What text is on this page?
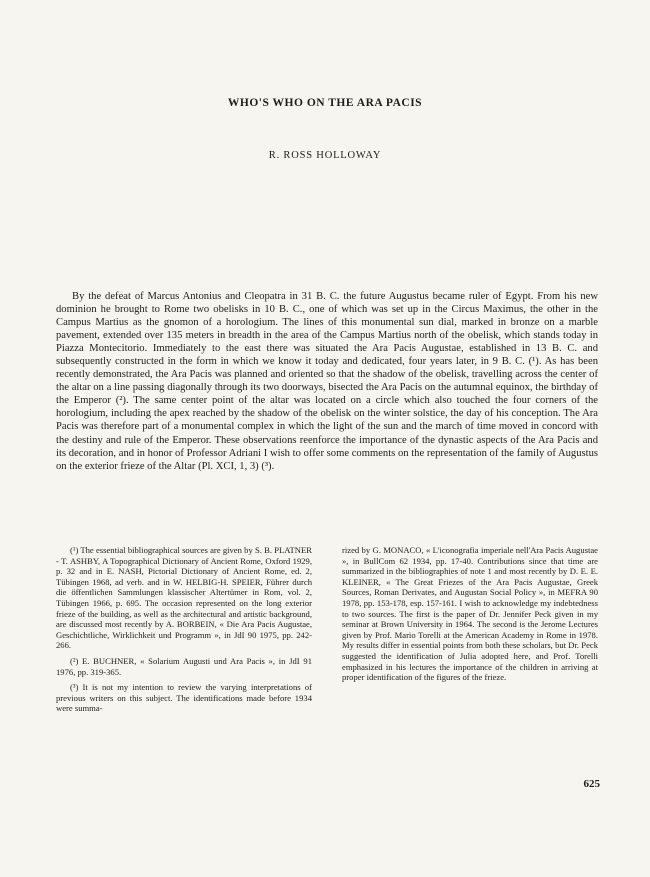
WHO'S WHO ON THE ARA PACIS
R. ROSS HOLLOWAY

By the defeat of Marcus Antonius and Cleopatra in 31 B. C. the future Augustus became ruler of Egypt. From his new dominion he brought to Rome two obelisks in 10 B. C., one of which was set up in the Circus Maximus, the other in the Campus Martius as the gnomon of a horologium. The lines of this monumental sun dial, marked in bronze on a marble pavement, extended over 135 meters in breadth in the area of the Campus Martius north of the obelisk, which stands today in Piazza Montecitorio. Immediately to the east there was situated the Ara Pacis Augustae, established in 13 B. C. and subsequently constructed in the form in which we know it today and dedicated, four years later, in 9 B. C. (¹). As has been recently demonstrated, the Ara Pacis was planned and oriented so that the shadow of the obelisk, travelling across the center of the altar on a line passing diagonally through its two doorways, bisected the Ara Pacis on the autumnal equinox, the birthday of the Emperor (²). The same center point of the altar was located on a circle which also touched the four corners of the horologium, including the apex reached by the shadow of the obelisk on the winter solstice, the day of his conception. The Ara Pacis was therefore part of a monumental complex in which the light of the sun and the march of time moved in concord with the destiny and rule of the Emperor. These observations reenforce the importance of the dynastic aspects of the Ara Pacis and its decoration, and in honor of Professor Adriani I wish to offer some comments on the representation of the family of Augustus on the exterior frieze of the Altar (Pl. XCI, 1, 3) (³).

(¹) The essential bibliographical sources are given by S. B. PLATNER - T. ASHBY, A Topographical Dictionary of Ancient Rome, Oxford 1929, p. 32 and in E. NASH, Pictorial Dictionary of Ancient Rome, ed. 2, Tübingen 1968, ad verb. and in W. HELBIG-H. SPEIER, Führer durch die öffentlichen Sammlungen klassischer Altertümer in Rom, vol. 2, Tübingen 1966, p. 695. The occasion represented on the long exterior frieze of the building, as well as the architectural and artistic background, are discussed most recently by A. BORBEIN, « Die Ara Pacis Augustae, Geschichtliche, Wirklichkeit und Programm », in JdI 90 1975, pp. 242-266.

(²) E. BUCHNER, « Solarium Augusti und Ara Pacis », in JdI 91 1976, pp. 319-365.

(³) It is not my intention to review the varying interpretations of previous writers on this subject. The identifications made before 1934 were summa-

rized by G. MONACO, « L'iconografia imperiale nell'Ara Pacis Augustae », in BullCom 62 1934, pp. 17-40. Contributions since that time are summarized in the bibliographies of note 1 and most recently by D. E. E. KLEINER, « The Great Friezes of the Ara Pacis Augustae, Greek Sources, Roman Derivates, and Augustan Social Policy », in MEFRA 90 1978, pp. 153-178, esp. 157-161. I wish to acknowledge my indebtedness to two sources. The first is the paper of Dr. Jennifer Peck given in my seminar at Brown University in 1964. The second is the Jerome Lectures given by Prof. Mario Torelli at the American Academy in Rome in 1978. My results differ in essential points from both these scholars, but Dr. Peck suggested the identification of Julia adopted here, and Prof. Torelli emphasized in his lectures the importance of the children in arriving at proper identification of the figures of the frieze.

625
